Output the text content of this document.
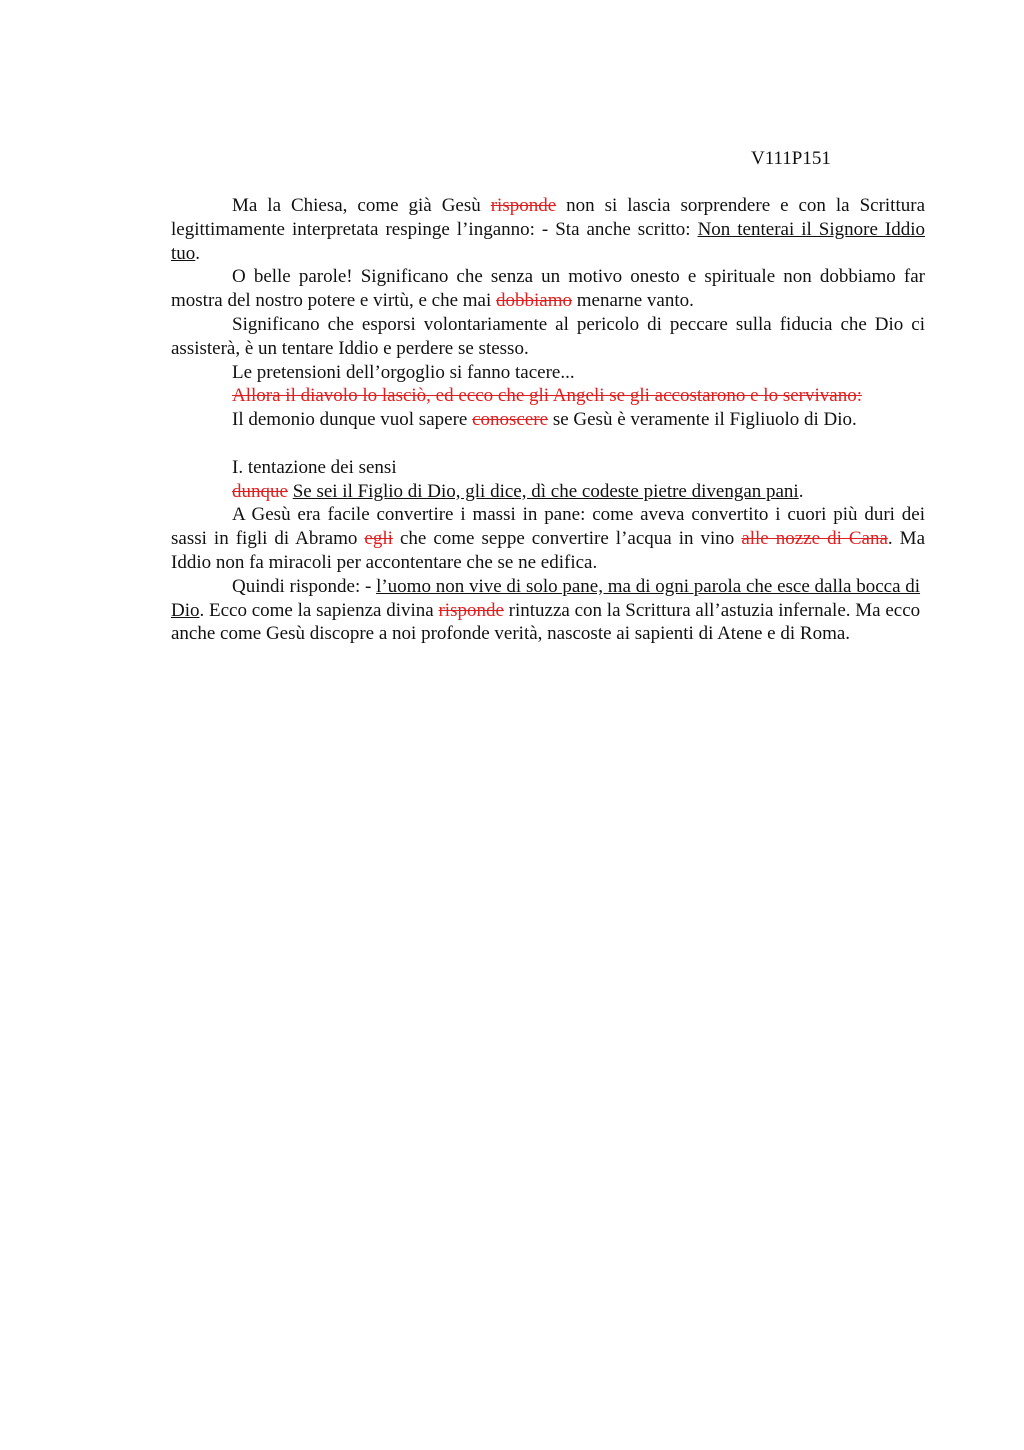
V111P151

Ma la Chiesa, come già Gesù risponde non si lascia sorprendere e con la Scrittura legittimamente interpretata respinge l’inganno: - Sta anche scritto: Non tenterai il Signore Iddio tuo.

O belle parole! Significano che senza un motivo onesto e spirituale non dobbiamo far mostra del nostro potere e virtù, e che mai dobbiamo menarne vanto.

Significano che esporsi volontariamente al pericolo di peccare sulla fiducia che Dio ci assisterà, è un tentare Iddio e perdere se stesso.

Le pretensioni dell’orgoglio si fanno tacere...

Allora il diavolo lo lasciò, ed ecco che gli Angeli se gli accostarono e lo servivano:

Il demonio dunque vuol sapere conoscere se Gesù è veramente il Figliuolo di Dio.

I. tentazione dei sensi

dunque Se sei il Figlio di Dio, gli dice, dì che codeste pietre divengan pani.

A Gesù era facile convertire i massi in pane: come aveva convertito i cuori più duri dei sassi in figli di Abramo egli che come seppe convertire l’acqua in vino alle nozze di Cana. Ma Iddio non fa miracoli per accontentare che se ne edifica.

Quindi risponde: - l’uomo non vive di solo pane, ma di ogni parola che esce dalla bocca di Dio. Ecco come la sapienza divina risponde rintuzza con la Scrittura all’astuzia infernale. Ma ecco anche come Gesù discopre a noi profonde verità, nascoste ai sapienti di Atene e di Roma.
